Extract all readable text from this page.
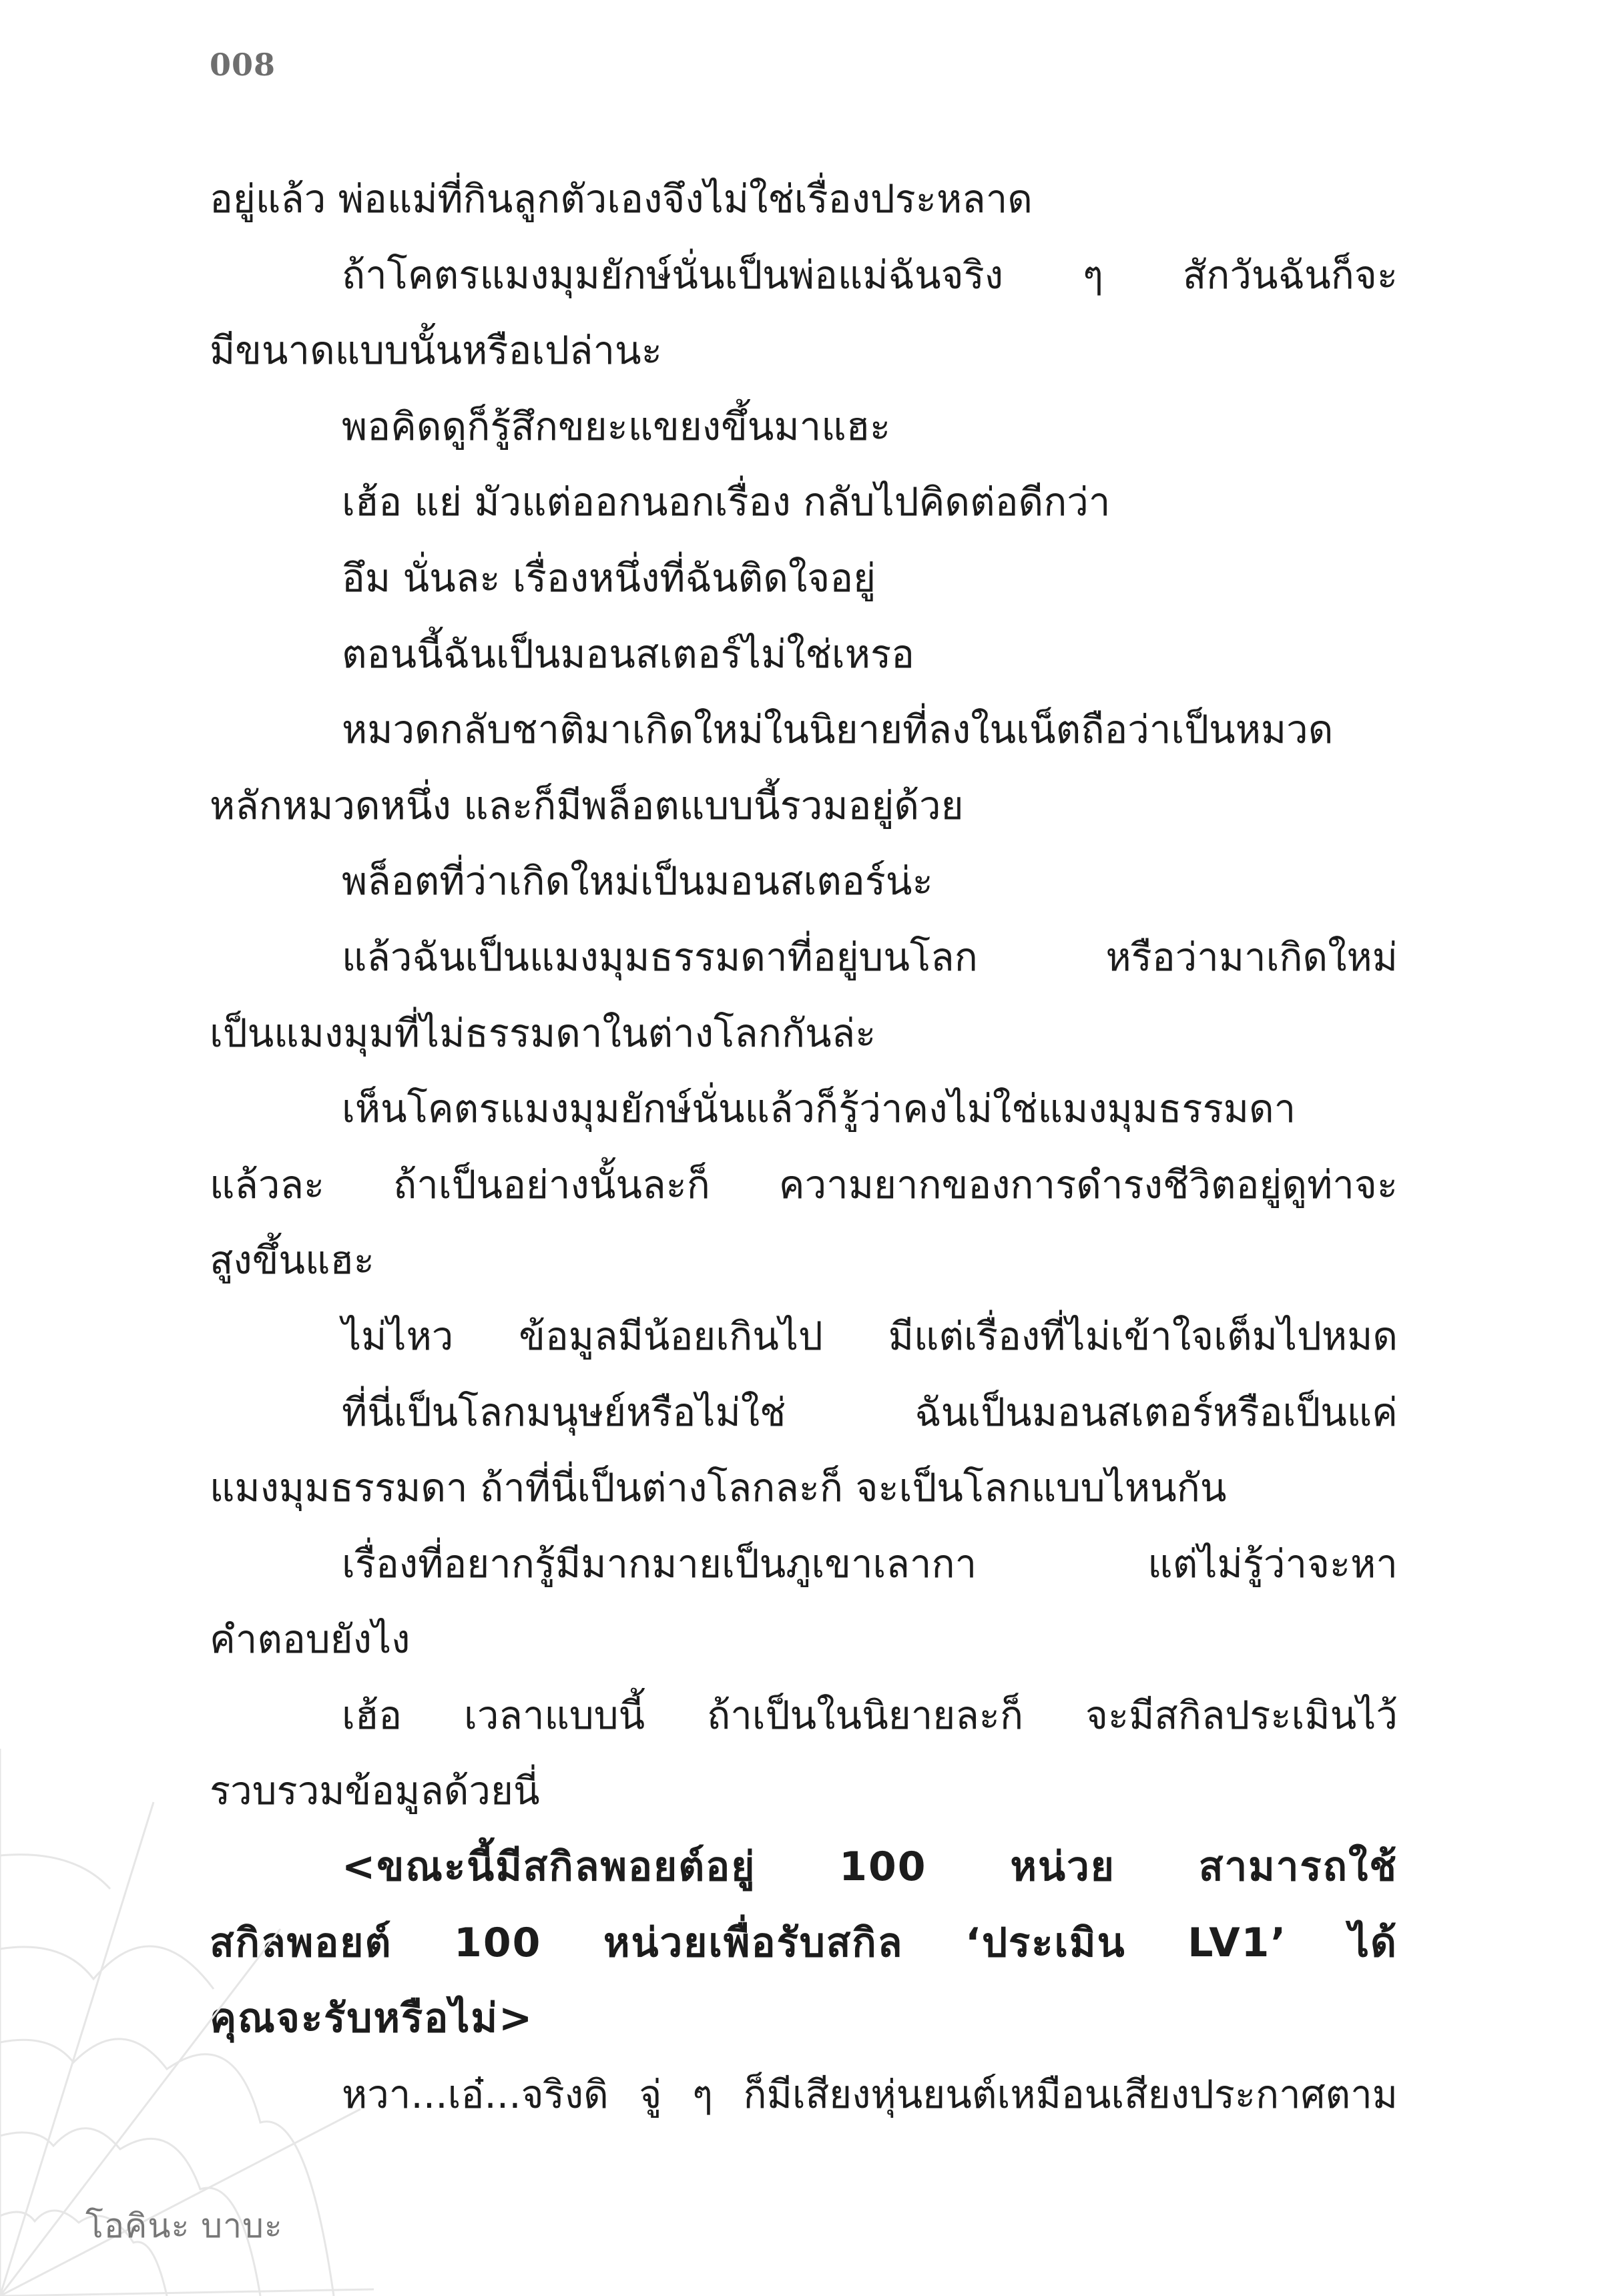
008
อยู่แล้ว พ่อแม่ที่กินลูกตัวเองจึงไม่ใช่เรื่องประหลาด
ถ้าโคตรแมงมุมยักษ์นั่นเป็นพ่อแม่ฉันจริง ๆ สักวันฉันก็จะ
มีขนาดแบบนั้นหรือเปล่านะ
พอคิดดูก็รู้สึกขยะแขยงขึ้นมาแฮะ
เฮ้อ แย่ มัวแต่ออกนอกเรื่อง กลับไปคิดต่อดีกว่า
อึม นั่นละ เรื่องหนึ่งที่ฉันติดใจอยู่
ตอนนี้ฉันเป็นมอนสเตอร์ไม่ใช่เหรอ
หมวดกลับชาติมาเกิดใหม่ในนิยายที่ลงในเน็ตถือว่าเป็นหมวด
หลักหมวดหนึ่ง และก็มีพล็อตแบบนี้รวมอยู่ด้วย
พล็อตที่ว่าเกิดใหม่เป็นมอนสเตอร์น่ะ
แล้วฉันเป็นแมงมุมธรรมดาที่อยู่บนโลก หรือว่ามาเกิดใหม่
เป็นแมงมุมที่ไม่ธรรมดาในต่างโลกกันล่ะ
เห็นโคตรแมงมุมยักษ์นั่นแล้วก็รู้ว่าคงไม่ใช่แมงมุมธรรมดา
แล้วละ ถ้าเป็นอย่างนั้นละก็ ความยากของการดำรงชีวิตอยู่ดูท่าจะ
สูงขึ้นแฮะ
ไม่ไหว ข้อมูลมีน้อยเกินไป มีแต่เรื่องที่ไม่เข้าใจเต็มไปหมด
ที่นี่เป็นโลกมนุษย์หรือไม่ใช่ ฉันเป็นมอนสเตอร์หรือเป็นแค่
แมงมุมธรรมดา ถ้าที่นี่เป็นต่างโลกละก็ จะเป็นโลกแบบไหนกัน
เรื่องที่อยากรู้มีมากมายเป็นภูเขาเลากา แต่ไม่รู้ว่าจะหา
คำตอบยังไง
เฮ้อ เวลาแบบนี้ ถ้าเป็นในนิยายละก็ จะมีสกิลประเมินไว้
รวบรวมข้อมูลด้วยนี่
<ขณะนี้มีสกิลพอยต์อยู่ 100 หน่วย สามารถใช้
สกิลพอยต์ 100 หน่วยเพื่อรับสกิล ‘ประเมิน LV1’ ได้
คุณจะรับหรือไม่>
หวา...เอ๋...จริงดิ จู่ ๆ ก็มีเสียงหุ่นยนต์เหมือนเสียงประกาศตาม
โอคินะ บาบะ
